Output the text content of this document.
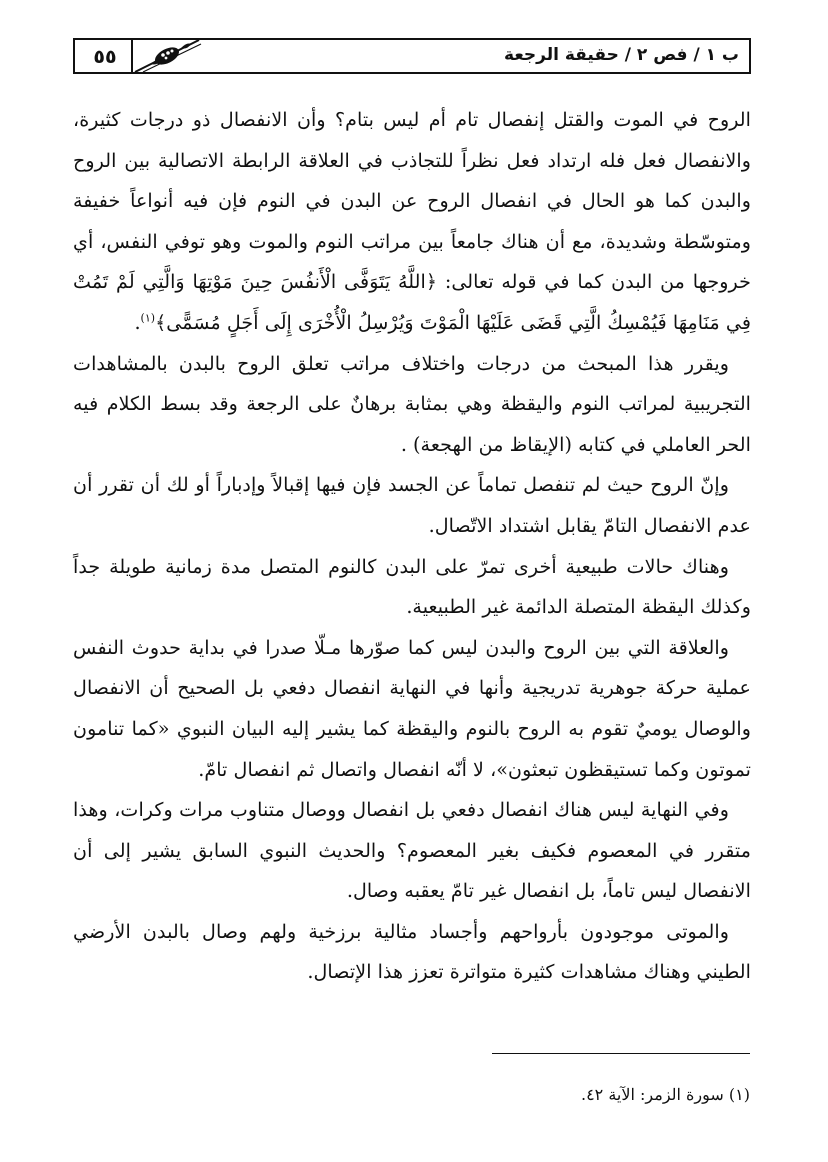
ب ١ / فص ٢ / حقيقة الرجعة
٥٥

الروح في الموت والقتل إنفصال تام أم ليس بتام؟ وأن الانفصال ذو درجات كثيرة، والانفصال فعل فله ارتداد فعل نظراً للتجاذب في العلاقة الرابطة الاتصالية بين الروح والبدن كما هو الحال في انفصال الروح عن البدن في النوم فإن فيه أنواعاً خفيفة ومتوسّطة وشديدة، مع أن هناك جامعاً بين مراتب النوم والموت وهو توفي النفس، أي خروجها من البدن كما في قوله تعالى: ﴿اللَّهُ يَتَوَفَّى الْأَنفُسَ حِينَ مَوْتِهَا وَالَّتِي لَمْ تَمُتْ فِي مَنَامِهَا فَيُمْسِكُ الَّتِي قَضَى عَلَيْهَا الْمَوْتَ وَيُرْسِلُ الْأُخْرَى إِلَى أَجَلٍ مُسَمًّى﴾$^{(١)}$.

ويقرر هذا المبحث من درجات واختلاف مراتب تعلق الروح بالبدن بالمشاهدات التجريبية لمراتب النوم واليقظة وهي بمثابة برهانٌ على الرجعة وقد بسط الكلام فيه الحر العاملي في كتابه (الإيقاظ من الهجعة) .

وإنّ الروح حيث لم تنفصل تماماً عن الجسد فإن فيها إقبالاً وإدباراً أو لك أن تقرر أن عدم الانفصال التامّ يقابل اشتداد الاتّصال.

وهناك حالات طبيعية أخرى تمرّ على البدن كالنوم المتصل مدة زمانية طويلة جداً وكذلك اليقظة المتصلة الدائمة غير الطبيعية.

والعلاقة التي بين الروح والبدن ليس كما صوّرها مـلّا صدرا في بداية حدوث النفس عملية حركة جوهرية تدريجية وأنها في النهاية انفصال دفعي بل الصحيح أن الانفصال والوصال يوميٌ تقوم به الروح بالنوم واليقظة كما يشير إليه البيان النبوي «كما تنامون تموتون وكما تستيقظون تبعثون»، لا أنّه انفصال واتصال ثم انفصال تامّ.

وفي النهاية ليس هناك انفصال دفعي بل انفصال ووصال متناوب مرات وكرات، وهذا متقرر في المعصوم فكيف بغير المعصوم؟ والحديث النبوي السابق يشير إلى أن الانفصال ليس تاماً، بل انفصال غير تامّ يعقبه وصال.

والموتى موجودون بأرواحهم وأجساد مثالية برزخية ولهم وصال بالبدن الأرضي الطيني وهناك مشاهدات كثيرة متواترة تعزز هذا الإتصال.

(١) سورة الزمر: الآية ٤٢.
